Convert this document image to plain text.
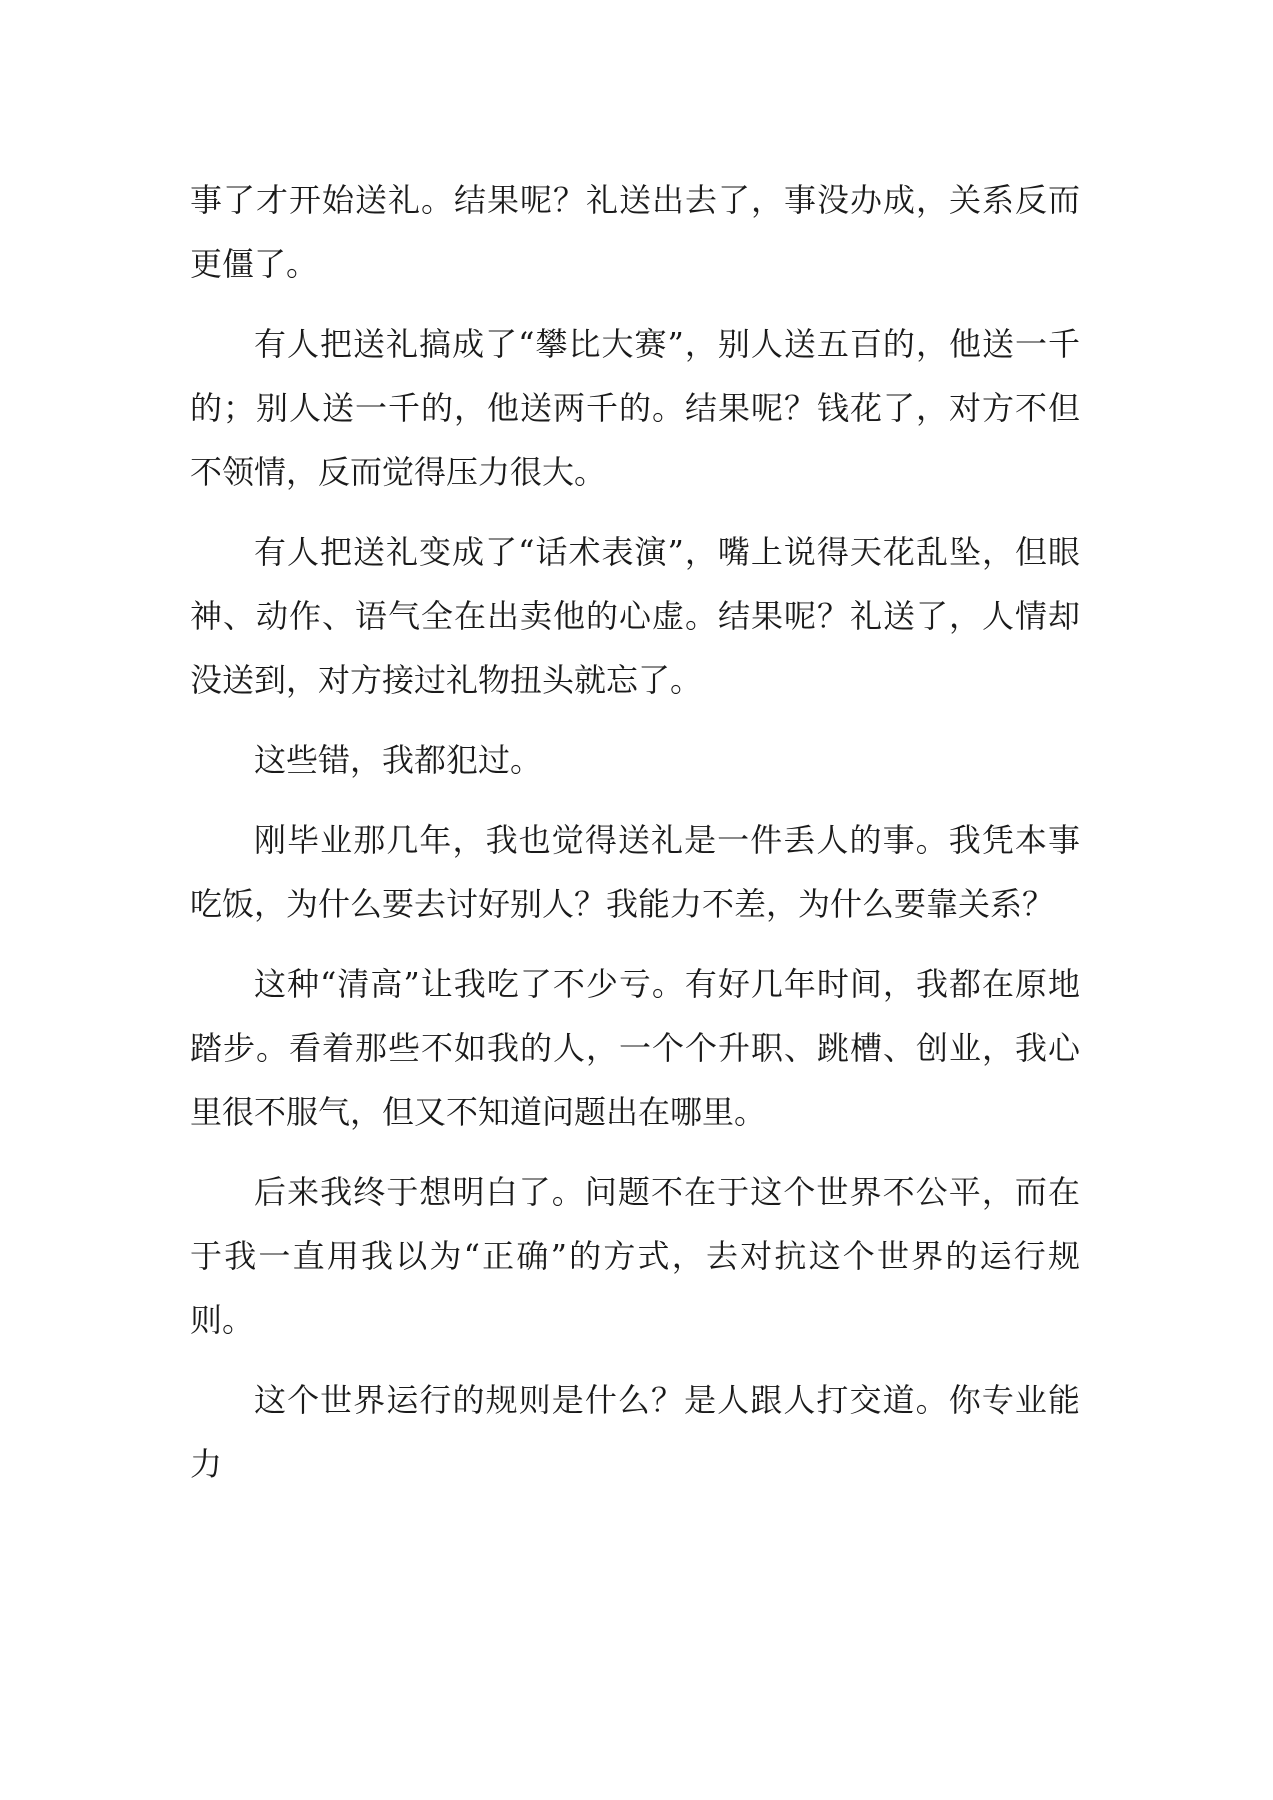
事了才开始送礼。结果呢？礼送出去了，事没办成，关系反而更僵了。

有人把送礼搞成了“攀比大赛”，别人送五百的，他送一千的；别人送一千的，他送两千的。结果呢？钱花了，对方不但不领情，反而觉得压力很大。

有人把送礼变成了“话术表演”，嘴上说得天花乱坠，但眼神、动作、语气全在出卖他的心虚。结果呢？礼送了，人情却没送到，对方接过礼物扭头就忘了。

这些错，我都犯过。

刚毕业那几年，我也觉得送礼是一件丢人的事。我凭本事吃饭，为什么要去讨好别人？我能力不差，为什么要靠关系？

这种“清高”让我吃了不少亏。有好几年时间，我都在原地踏步。看着那些不如我的人，一个个升职、跳槽、创业，我心里很不服气，但又不知道问题出在哪里。

后来我终于想明白了。问题不在于这个世界不公平，而在于我一直用我以为“正确”的方式，去对抗这个世界的运行规则。

这个世界运行的规则是什么？是人跟人打交道。你专业能力
